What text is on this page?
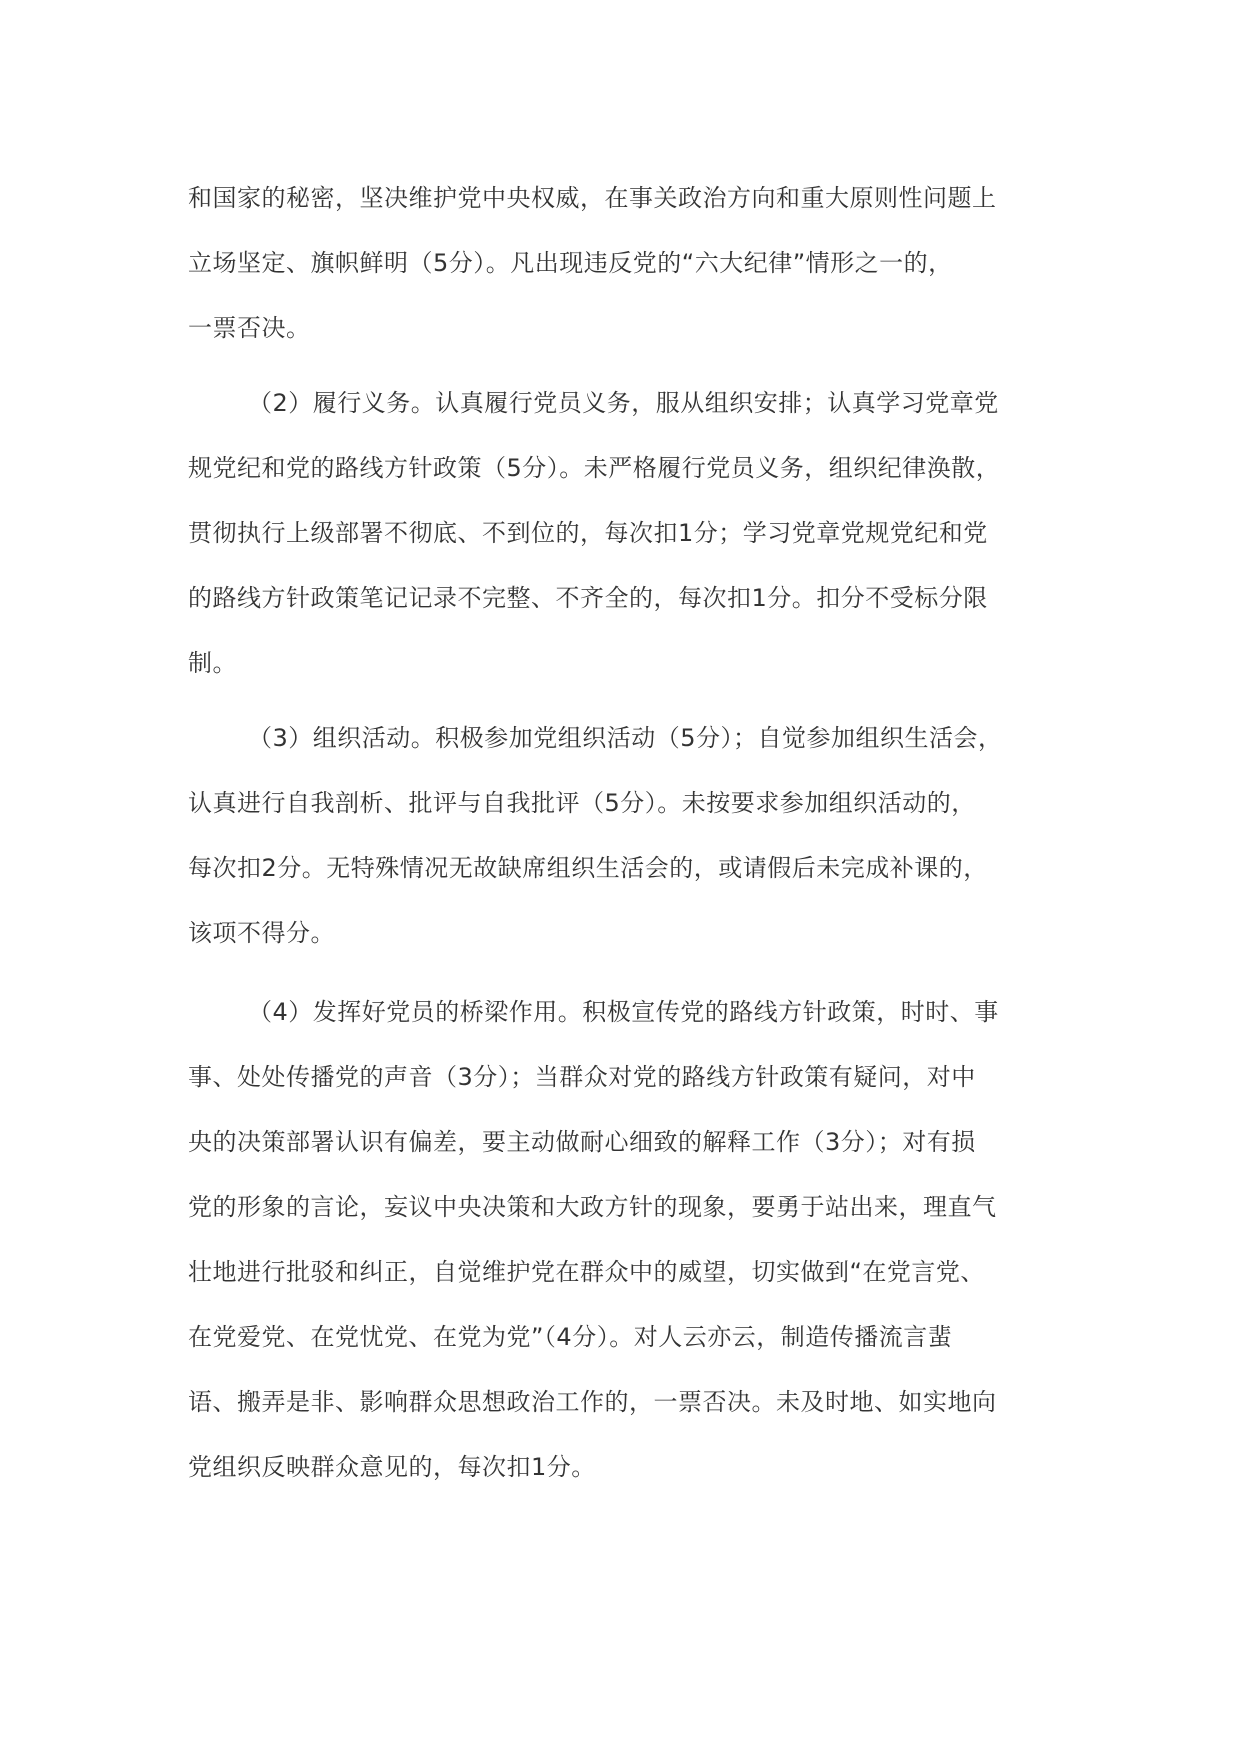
和国家的秘密，坚决维护党中央权威，在事关政治方向和重大原则性问题上
立场坚定、旗帜鲜明（5分）。凡出现违反党的“六大纪律”情形之一的，
一票否决。
（2）履行义务。认真履行党员义务，服从组织安排；认真学习党章党
规党纪和党的路线方针政策（5分）。未严格履行党员义务，组织纪律涣散，
贯彻执行上级部署不彻底、不到位的，每次扣1分；学习党章党规党纪和党
的路线方针政策笔记记录不完整、不齐全的，每次扣1分。扣分不受标分限
制。
（3）组织活动。积极参加党组织活动（5分）；自觉参加组织生活会，
认真进行自我剖析、批评与自我批评（5分）。未按要求参加组织活动的，
每次扣2分。无特殊情况无故缺席组织生活会的，或请假后未完成补课的，
该项不得分。
（4）发挥好党员的桥梁作用。积极宣传党的路线方针政策，时时、事
事、处处传播党的声音（3分）；当群众对党的路线方针政策有疑问，对中
央的决策部署认识有偏差，要主动做耐心细致的解释工作（3分）；对有损
党的形象的言论，妄议中央决策和大政方针的现象，要勇于站出来，理直气
壮地进行批驳和纠正，自觉维护党在群众中的威望，切实做到“在党言党、
在党爱党、在党忧党、在党为党”（4分）。对人云亦云，制造传播流言蜚
语、搬弄是非、影响群众思想政治工作的，一票否决。未及时地、如实地向
党组织反映群众意见的，每次扣1分。
